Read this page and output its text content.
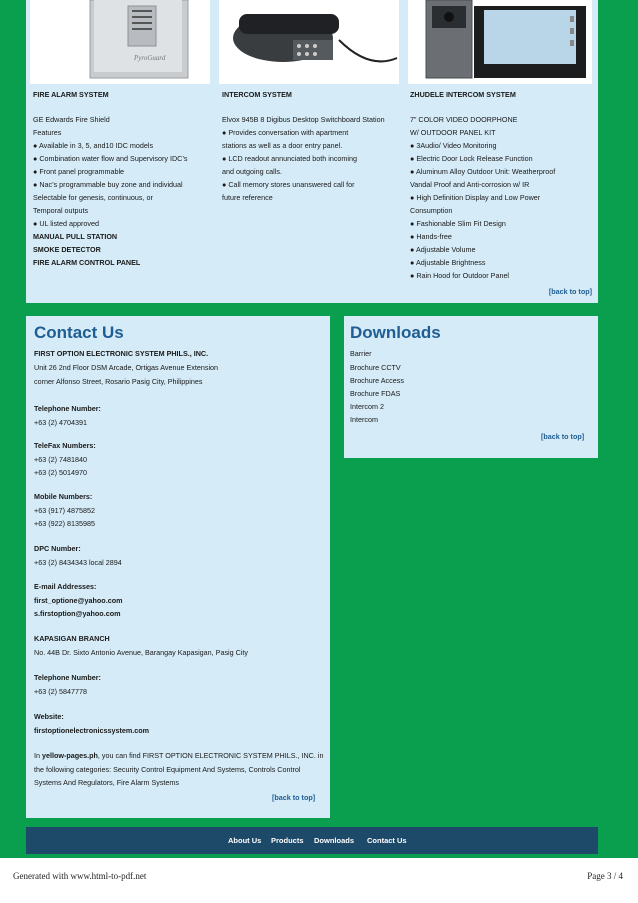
PyroGuard
FIRE ALARM SYSTEM
GE Edwards Fire Shield
Features
● Available in 3, 5, and10 IDC models
● Combination water flow and Supervisory IDC’s
● Front panel programmable
● Nac’s programmable buy zone and individual
Selectable for genesis, continuous, or
Temporal outputs
● UL listed approved
MANUAL PULL STATION
SMOKE DETECTOR
FIRE ALARM CONTROL PANEL
INTERCOM SYSTEM
Elvox 945B 8 Digibus Desktop Switchboard Station
● Provides conversation with apartment
stations as well as a door entry panel.
● LCD readout annunciated both incoming
and outgoing calls.
● Call memory stores unanswered call for
future reference
ZHUDELE INTERCOM SYSTEM
7” COLOR VIDEO DOORPHONE
W/ OUTDOOR PANEL KIT
● 3Audio/ Video Monitoring
● Electric Door Lock Release Function
● Aluminum Alloy Outdoor Unit: Weatherproof
Vandal Proof and Anti-corrosion w/ IR
● High Definition Display and Low Power
Consumption
● Fashionable Slim Fit Design
● Hands-free
● Adjustable Volume
● Adjustable Brightness
● Rain Hood for Outdoor Panel
[back to top]
Contact Us
FIRST OPTION ELECTRONIC SYSTEM PHILS., INC.
Unit 26 2nd Floor DSM Arcade, Ortigas Avenue Extension
corner Alfonso Street, Rosario Pasig City, Philippines
Telephone Number:
+63 (2) 4704391
TeleFax Numbers:
+63 (2) 7481840
+63 (2) 5014970
Mobile Numbers:
+63 (917) 4875852
+63 (922) 8135985
DPC Number:
+63 (2) 8434343 local 2894
E-mail Addresses:
first_optione@yahoo.com
s.firstoption@yahoo.com
KAPASIGAN BRANCH
No. 44B Dr. Sixto Antonio Avenue, Barangay Kapasigan, Pasig City
Telephone Number:
+63 (2) 5847778
Website:
firstoptionelectronicssystem.com
In yellow-pages.ph, you can find FIRST OPTION ELECTRONIC SYSTEM PHILS., INC. in
the following categories: Security Control Equipment And Systems, Controls Control
Systems And Regulators, Fire Alarm Systems
[back to top]
Downloads
Barrier
Brochure CCTV
Brochure Access
Brochure FDAS
Intercom 2
Intercom
[back to top]
About Us Products Downloads Contact Us
Generated with www.html-to-pdf.net	Page 3 / 4
